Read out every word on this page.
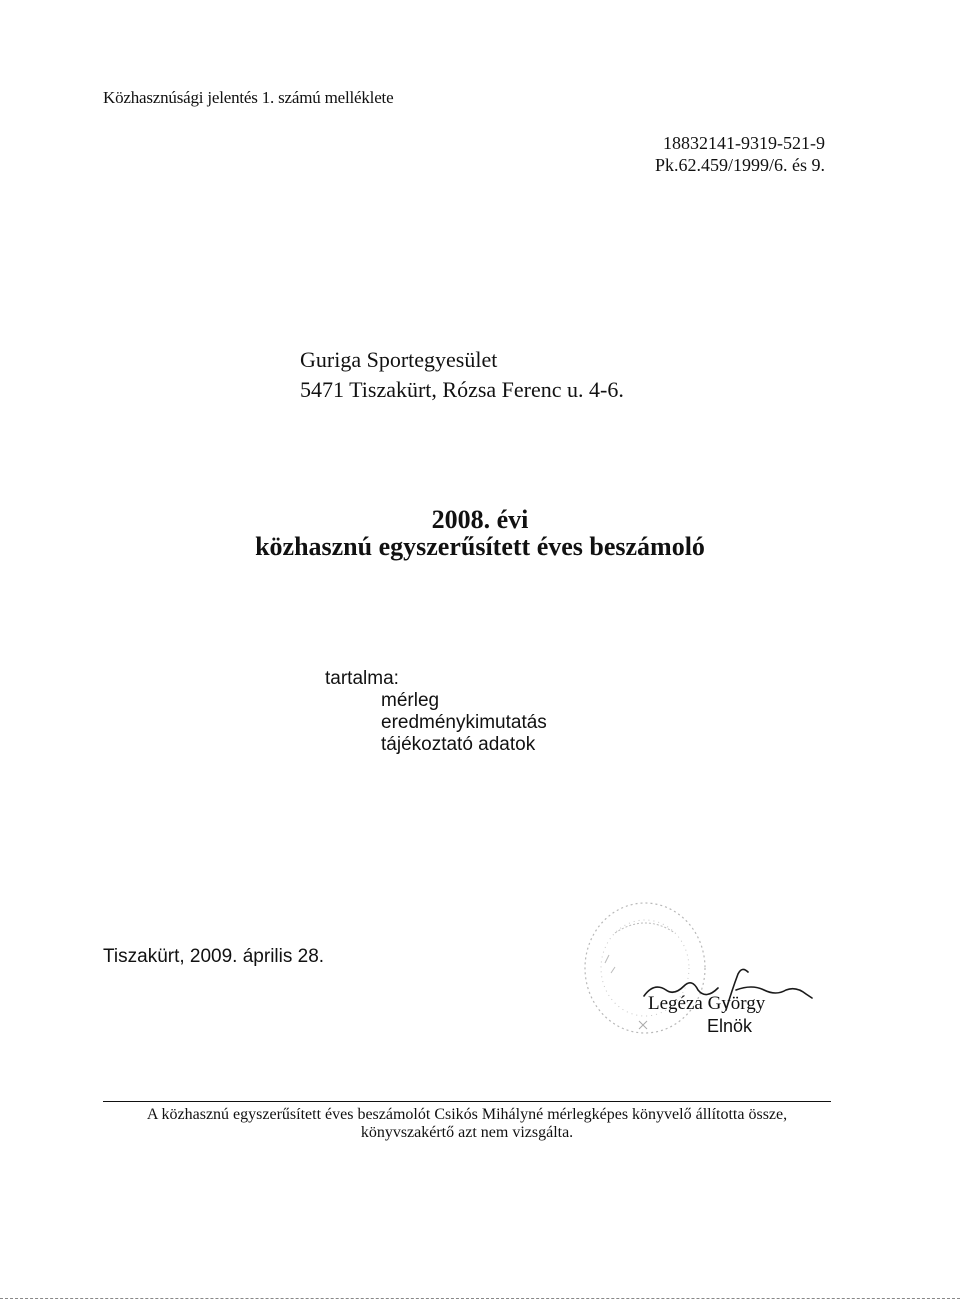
Közhasznúsági jelentés 1. számú melléklete
18832141-9319-521-9
Pk.62.459/1999/6. és 9.
Guriga Sportegyesület
5471 Tiszakürt, Rózsa Ferenc u. 4-6.
2008. évi
közhasznú egyszerűsített éves beszámoló
tartalma:
mérleg
eredménykimutatás
tájékoztató adatok
Tiszakürt, 2009. április 28.
Legéza György
Elnök
A közhasznú egyszerűsített éves beszámolót Csikós Mihályné mérlegképes könyvelő állította össze,
könyvszakértő azt nem vizsgálta.
